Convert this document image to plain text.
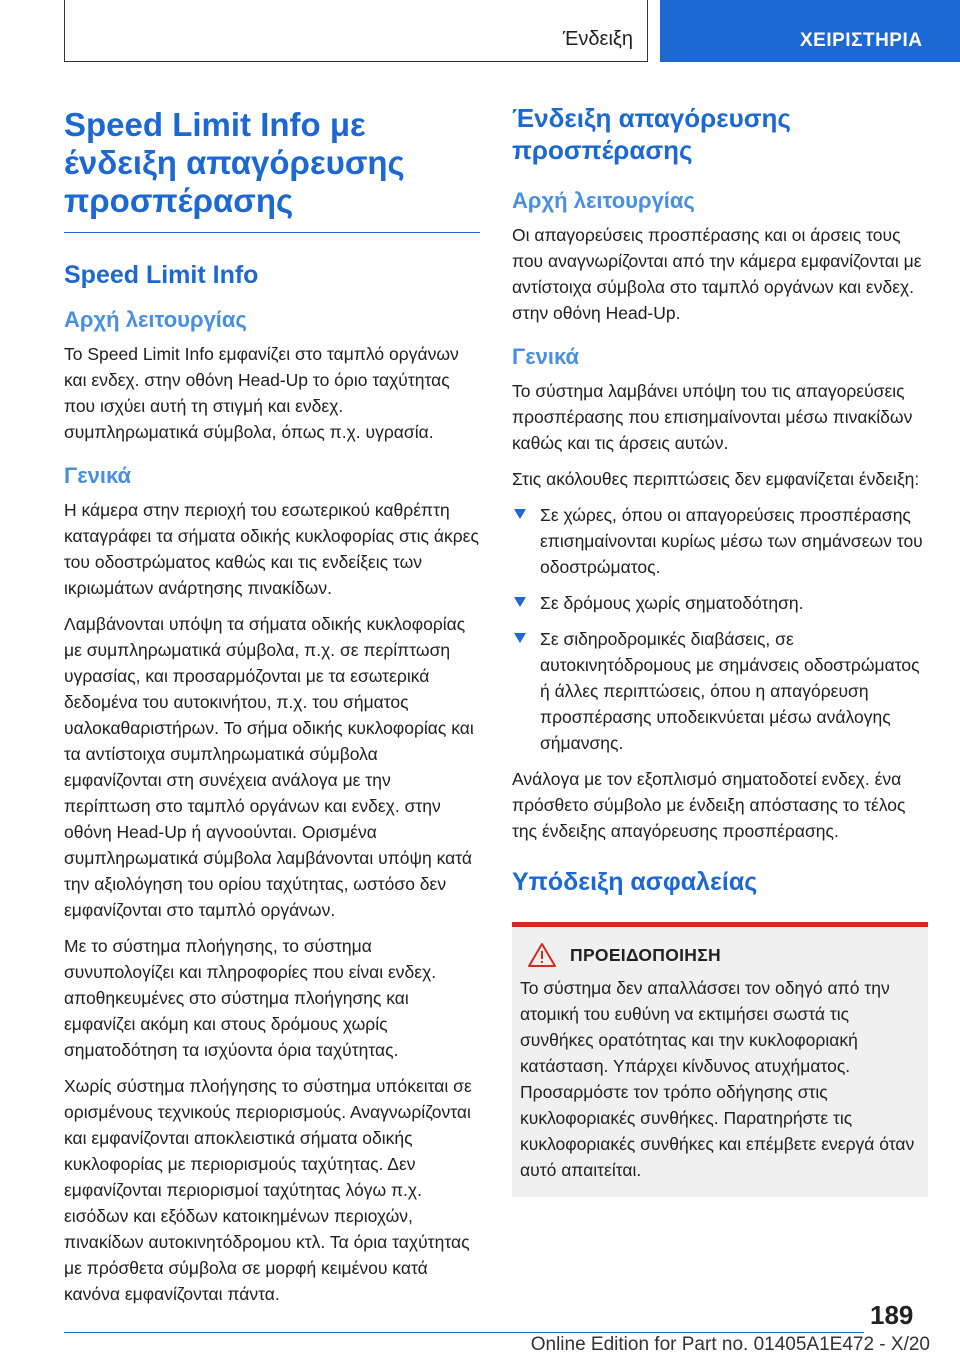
Ένδειξη	ΧΕΙΡΙΣΤΗΡΙΑ
Speed Limit Info με ένδειξη απαγόρευσης προσπέρασης
Speed Limit Info
Αρχή λειτουργίας

Το Speed Limit Info εμφανίζει στο ταμπλό οργάνων και ενδεχ. στην οθόνη Head-Up το όριο ταχύτητας που ισχύει αυτή τη στιγμή και ενδεχ. συμπληρωματικά σύμβολα, όπως π.χ. υγρασία.

Γενικά

Η κάμερα στην περιοχή του εσωτερικού καθρέπτη καταγράφει τα σήματα οδικής κυκλοφορίας στις άκρες του οδοστρώματος καθώς και τις ενδείξεις των ικριωμάτων ανάρτησης πινακίδων.

Λαμβάνονται υπόψη τα σήματα οδικής κυκλοφορίας με συμπληρωματικά σύμβολα, π.χ. σε περίπτωση υγρασίας, και προσαρμόζονται με τα εσωτερικά δεδομένα του αυτοκινήτου, π.χ. του σήματος υαλοκαθαριστήρων. Το σήμα οδικής κυκλοφορίας και τα αντίστοιχα συμπληρωματικά σύμβολα εμφανίζονται στη συνέχεια ανάλογα με την περίπτωση στο ταμπλό οργάνων και ενδεχ. στην οθόνη Head-Up ή αγνοούνται. Ορισμένα συμπληρωματικά σύμβολα λαμβάνονται υπόψη κατά την αξιολόγηση του ορίου ταχύτητας, ωστόσο δεν εμφανίζονται στο ταμπλό οργάνων.

Με το σύστημα πλοήγησης, το σύστημα συνυπολογίζει και πληροφορίες που είναι ενδεχ. αποθηκευμένες στο σύστημα πλοήγησης και εμφανίζει ακόμη και στους δρόμους χωρίς σηματοδότηση τα ισχύοντα όρια ταχύτητας.

Χωρίς σύστημα πλοήγησης το σύστημα υπόκειται σε ορισμένους τεχνικούς περιορισμούς. Αναγνωρίζονται και εμφανίζονται αποκλειστικά σήματα οδικής κυκλοφορίας με περιορισμούς ταχύτητας. Δεν εμφανίζονται περιορισμοί ταχύτητας λόγω π.χ. εισόδων και εξόδων κατοικημένων περιοχών, πινακίδων αυτοκινητόδρομου κτλ. Τα όρια ταχύτητας με πρόσθετα σύμβολα σε μορφή κειμένου κατά κανόνα εμφανίζονται πάντα.

Ένδειξη απαγόρευσης προσπέρασης
Αρχή λειτουργίας

Οι απαγορεύσεις προσπέρασης και οι άρσεις τους που αναγνωρίζονται από την κάμερα εμφανίζονται με αντίστοιχα σύμβολα στο ταμπλό οργάνων και ενδεχ. στην οθόνη Head-Up.

Γενικά

Το σύστημα λαμβάνει υπόψη του τις απαγορεύσεις προσπέρασης που επισημαίνονται μέσω πινακίδων καθώς και τις άρσεις αυτών.

Στις ακόλουθες περιπτώσεις δεν εμφανίζεται ένδειξη:

Σε χώρες, όπου οι απαγορεύσεις προσπέρασης επισημαίνονται κυρίως μέσω των σημάνσεων του οδοστρώματος.
Σε δρόμους χωρίς σηματοδότηση.
Σε σιδηροδρομικές διαβάσεις, σε αυτοκινητόδρομους με σημάνσεις οδοστρώματος ή άλλες περιπτώσεις, όπου η απαγόρευση προσπέρασης υποδεικνύεται μέσω ανάλογης σήμανσης.

Ανάλογα με τον εξοπλισμό σηματοδοτεί ενδεχ. ένα πρόσθετο σύμβολο με ένδειξη απόστασης το τέλος της ένδειξης απαγόρευσης προσπέρασης.

Υπόδειξη ασφαλείας
ΠΡΟΕΙΔΟΠΟΙΗΣΗ

Το σύστημα δεν απαλλάσσει τον οδηγό από την ατομική του ευθύνη να εκτιμήσει σωστά τις συνθήκες ορατότητας και την κυκλοφοριακή κατάσταση. Υπάρχει κίνδυνος ατυχήματος. Προσαρμόστε τον τρόπο οδήγησης στις κυκλοφοριακές συνθήκες. Παρατηρήστε τις κυκλοφοριακές συνθήκες και επέμβετε ενεργά όταν αυτό απαιτείται.

189
Online Edition for Part no. 01405A1E472 - X/20
